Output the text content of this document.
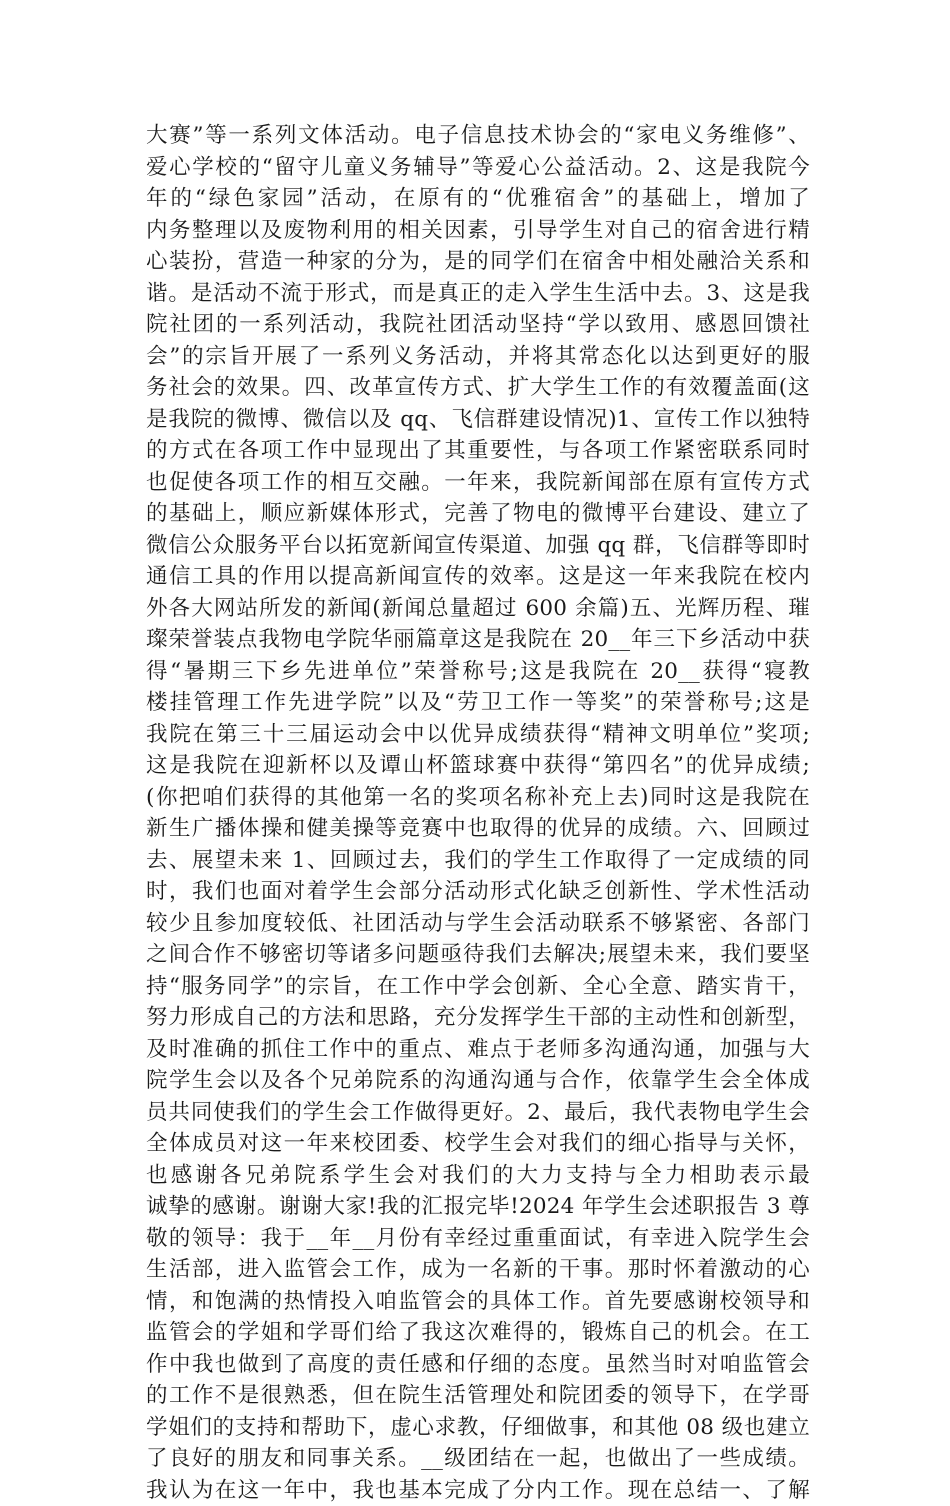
大赛”等一系列文体活动。电子信息技术协会的“家电义务维修”、
爱心学校的“留守儿童义务辅导”等爱心公益活动。2、这是我院今
年的“绿色家园”活动，在原有的“优雅宿舍”的基础上，增加了
内务整理以及废物利用的相关因素，引导学生对自己的宿舍进行精
心装扮，营造一种家的分为，是的同学们在宿舍中相处融洽关系和
谐。是活动不流于形式，而是真正的走入学生生活中去。3、这是我
院社团的一系列活动，我院社团活动坚持“学以致用、感恩回馈社
会”的宗旨开展了一系列义务活动，并将其常态化以达到更好的服
务社会的效果。四、改革宣传方式、扩大学生工作的有效覆盖面(这
是我院的微博、微信以及 qq、飞信群建设情况)1、宣传工作以独特
的方式在各项工作中显现出了其重要性，与各项工作紧密联系同时
也促使各项工作的相互交融。一年来，我院新闻部在原有宣传方式
的基础上，顺应新媒体形式，完善了物电的微博平台建设、建立了
微信公众服务平台以拓宽新闻宣传渠道、加强 qq 群，飞信群等即时
通信工具的作用以提高新闻宣传的效率。这是这一年来我院在校内
外各大网站所发的新闻(新闻总量超过 600 余篇)五、光辉历程、璀
璨荣誉装点我物电学院华丽篇章这是我院在 20__年三下乡活动中获
得“暑期三下乡先进单位”荣誉称号;这是我院在 20__获得“寝教
楼挂管理工作先进学院”以及“劳卫工作一等奖”的荣誉称号;这是
我院在第三十三届运动会中以优异成绩获得“精神文明单位”奖项;
这是我院在迎新杯以及谭山杯篮球赛中获得“第四名”的优异成绩;
(你把咱们获得的其他第一名的奖项名称补充上去)同时这是我院在
新生广播体操和健美操等竞赛中也取得的优异的成绩。六、回顾过
去、展望未来 1、回顾过去，我们的学生工作取得了一定成绩的同
时，我们也面对着学生会部分活动形式化缺乏创新性、学术性活动
较少且参加度较低、社团活动与学生会活动联系不够紧密、各部门
之间合作不够密切等诸多问题亟待我们去解决;展望未来，我们要坚
持“服务同学”的宗旨，在工作中学会创新、全心全意、踏实肯干，
努力形成自己的方法和思路，充分发挥学生干部的主动性和创新型，
及时准确的抓住工作中的重点、难点于老师多沟通沟通，加强与大
院学生会以及各个兄弟院系的沟通沟通与合作，依靠学生会全体成
员共同使我们的学生会工作做得更好。2、最后，我代表物电学生会
全体成员对这一年来校团委、校学生会对我们的细心指导与关怀，
也感谢各兄弟院系学生会对我们的大力支持与全力相助表示最
诚挚的感谢。谢谢大家!我的汇报完毕!2024 年学生会述职报告 3 尊
敬的领导：我于__年__月份有幸经过重重面试，有幸进入院学生会
生活部，进入监管会工作，成为一名新的干事。那时怀着激动的心
情，和饱满的热情投入咱监管会的具体工作。首先要感谢校领导和
监管会的学姐和学哥们给了我这次难得的，锻炼自己的机会。在工
作中我也做到了高度的责任感和仔细的态度。虽然当时对咱监管会
的工作不是很熟悉，但在院生活管理处和院团委的领导下，在学哥
学姐们的支持和帮助下，虚心求教，仔细做事，和其他 08 级也建立
了良好的朋友和同事关系。__级团结在一起，也做出了一些成绩。
我认为在这一年中，我也基本完成了分内工作。现在总结一、了解
